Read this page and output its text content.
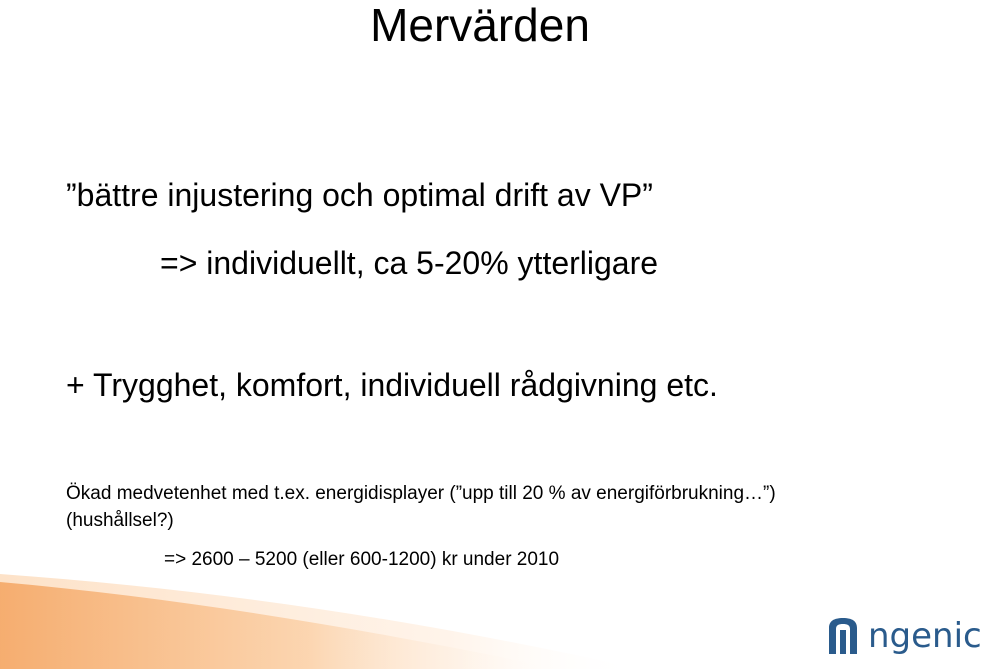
Mervärden
”bättre injustering och optimal drift av VP”
=> individuellt, ca 5-20% ytterligare
+ Trygghet, komfort, individuell rådgivning etc.
Ökad medvetenhet med t.ex. energidisplayer (”upp till 20 % av energiförbrukning…”)
(hushållsel?)
=> 2600 – 5200 (eller 600-1200) kr under 2010
ngenic
